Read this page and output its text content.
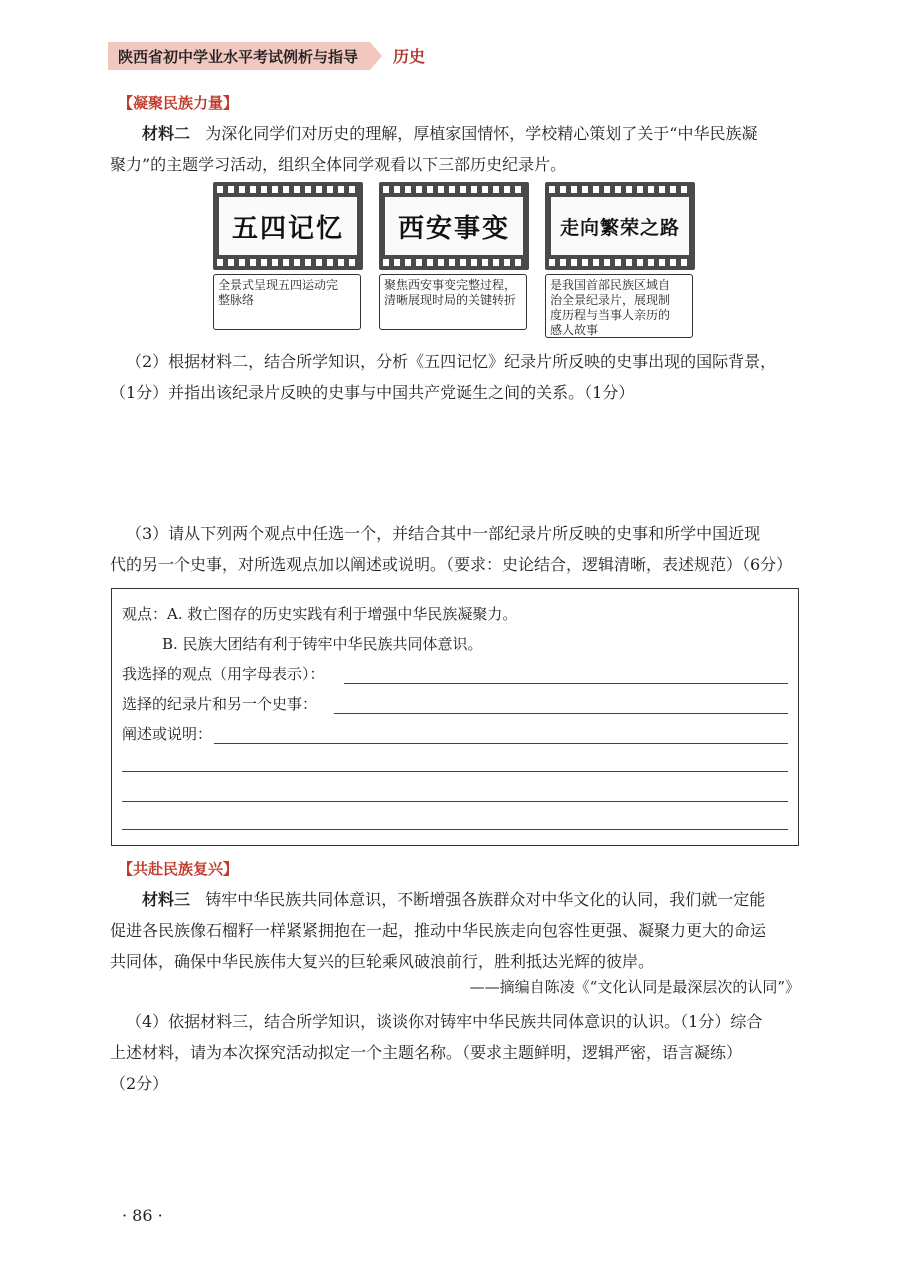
陕西省初中学业水平考试例析与指导 历史
【凝聚民族力量】
材料二 为深化同学们对历史的理解，厚植家国情怀，学校精心策划了关于“中华民族凝
聚力”的主题学习活动，组织全体同学观看以下三部历史纪录片。
五四记忆
全景式呈现五四运动完
整脉络
西安事变
聚焦西安事变完整过程，
清晰展现时局的关键转折
走向繁荣之路
是我国首部民族区域自
治全景纪录片，展现制
度历程与当事人亲历的
感人故事
（2）根据材料二，结合所学知识，分析《五四记忆》纪录片所反映的史事出现的国际背景，
（1分）并指出该纪录片反映的史事与中国共产党诞生之间的关系。（1分）
（3）请从下列两个观点中任选一个，并结合其中一部纪录片所反映的史事和所学中国近现
代的另一个史事，对所选观点加以阐述或说明。（要求：史论结合，逻辑清晰，表述规范）（6分）
观点：A. 救亡图存的历史实践有利于增强中华民族凝聚力。
B. 民族大团结有利于铸牢中华民族共同体意识。
我选择的观点（用字母表示）：
选择的纪录片和另一个史事：
阐述或说明：
【共赴民族复兴】
材料三 铸牢中华民族共同体意识，不断增强各族群众对中华文化的认同，我们就一定能
促进各民族像石榴籽一样紧紧拥抱在一起，推动中华民族走向包容性更强、凝聚力更大的命运
共同体，确保中华民族伟大复兴的巨轮乘风破浪前行，胜利抵达光辉的彼岸。
——摘编自陈凌《“文化认同是最深层次的认同”》
（4）依据材料三，结合所学知识，谈谈你对铸牢中华民族共同体意识的认识。（1分）综合
上述材料，请为本次探究活动拟定一个主题名称。（要求主题鲜明，逻辑严密，语言凝练）
（2分）
· 86 ·
